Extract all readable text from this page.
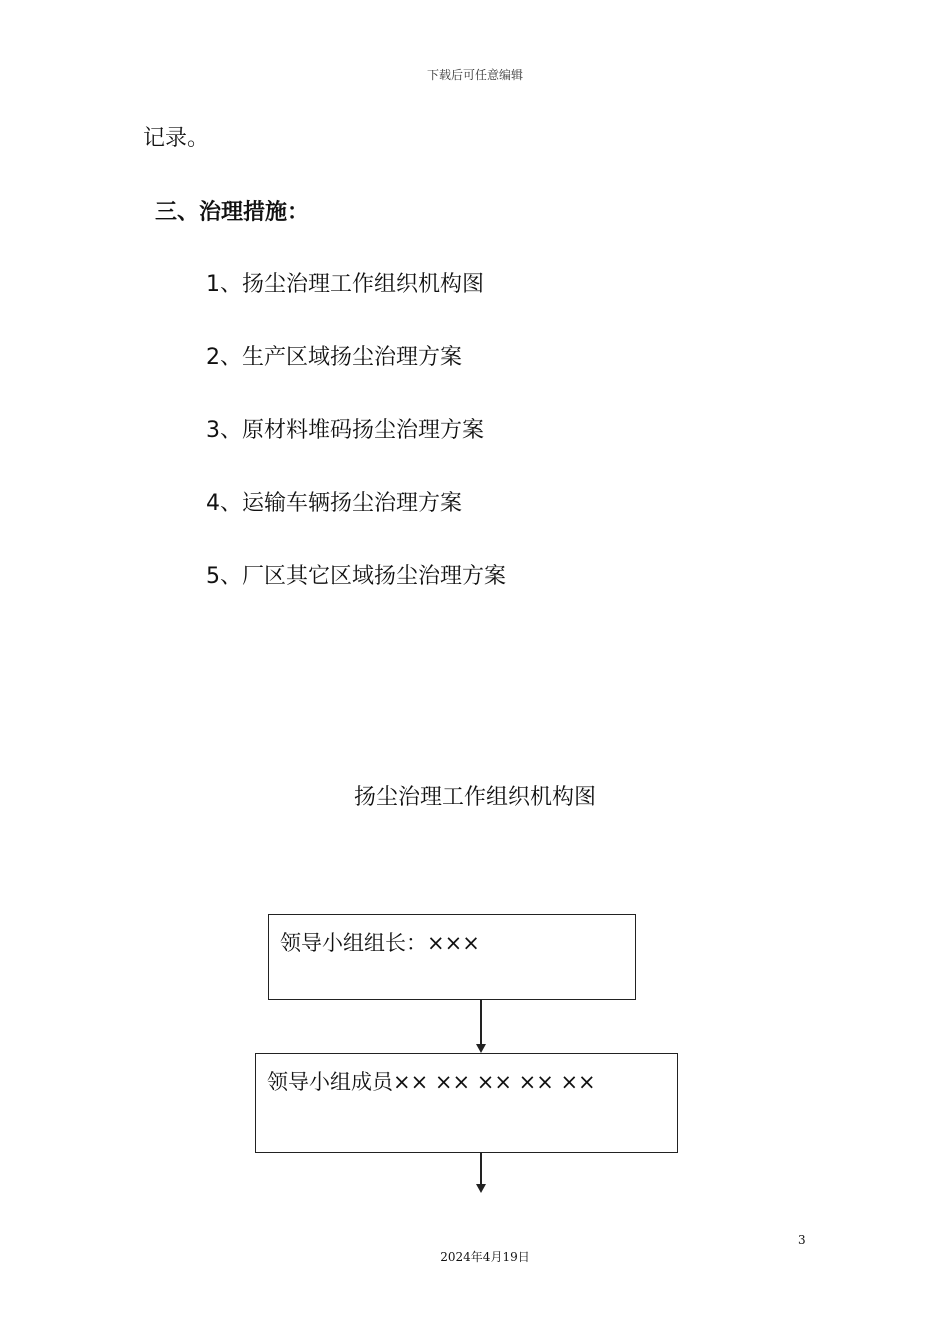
下载后可任意编辑
记录。
三、治理措施：
1、扬尘治理工作组织机构图
2、生产区域扬尘治理方案
3、原材料堆码扬尘治理方案
4、运输车辆扬尘治理方案
5、厂区其它区域扬尘治理方案
扬尘治理工作组织机构图
领导小组组长：×××
领导小组成员×× ×× ×× ×× ××
3
2024年4月19日
